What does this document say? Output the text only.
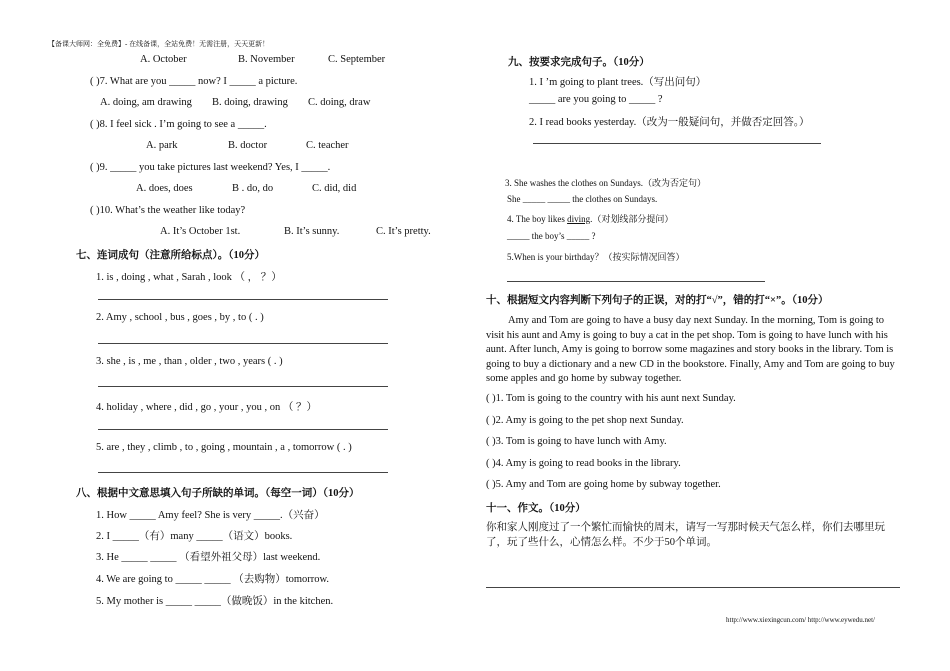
【备课大师网：全免费】- 在线备课，全站免费！无需注册，天天更新！
A. October	B. November	C. September
( )7. What are you _____ now? I _____ a picture.
A. doing, am drawing B. doing, drawing C. doing, draw
( )8. I feel sick . I’m going to see a _____.
A. park	B. doctor	C. teacher
( )9. _____ you take pictures last weekend? Yes, I _____.
A. does, does	B . do, do	C. did, did
( )10. What’s the weather like today?
A. It’s October 1st.	B. It’s sunny.	C. It’s pretty.
七、连词成句（注意所给标点）。（10分）
1. is , doing , what , Sarah , look （ ， ？）
2. Amy , school , bus , goes , by , to ( . )
3. she , is , me , than , older , two , years ( . )
4. holiday , where , did , go , your , you , on （ ？）
5. are , they , climb , to , going , mountain , a , tomorrow ( . )
八、根据中文意思填入句子所缺的单词。（每空一词）（10分）
1. How _____ Amy feel? She is very _____.（兴奋）
2. I _____（有）many _____（语文）books.
3. He _____ _____ （看望外祖父母）last weekend.
4. We are going to _____ _____ （去购物）tomorrow.
5. My mother is _____ _____（做晚饭）in the kitchen.
九、按要求完成句子。（10分）
1. I ’m going to plant trees.（写出问句）
_____ are you going to _____ ?
2. I read books yesterday.（改为一般疑问句，并做否定回答。）
3. She washes the clothes on Sundays.（改为否定句）
She _____ _____ the clothes on Sundays.
4. The boy likes diving.（对划线部分提问）
_____ the boy’s _____ ?
5.When is your birthday？（按实际情况回答）
十、根据短文内容判断下列句子的正误，对的打“√”，错的打“×”。（10分）
Amy and Tom are going to have a busy day next Sunday. In the morning, Tom is going to visit his aunt and Amy is going to buy a cat in the pet shop. Tom is going to have lunch with his aunt. After lunch, Amy is going to borrow some magazines and story books in the library. Tom is going to buy a dictionary and a new CD in the bookstore. Finally, Amy and Tom are going to buy some apples and go home by subway together.
( )1. Tom is going to the country with his aunt next Sunday.
( )2. Amy is going to the pet shop next Sunday.
( )3. Tom is going to have lunch with Amy.
( )4. Amy is going to read books in the library.
( )5. Amy and Tom are going home by subway together.
十一、作文。（10分）
你和家人刚度过了一个繁忙而愉快的周末，请写一写那时候天气怎么样，你们去哪里玩了，玩了些什么，心情怎么样。不少于50个单词。
http://www.xiexingcun.com/ http://www.eywedu.net/
